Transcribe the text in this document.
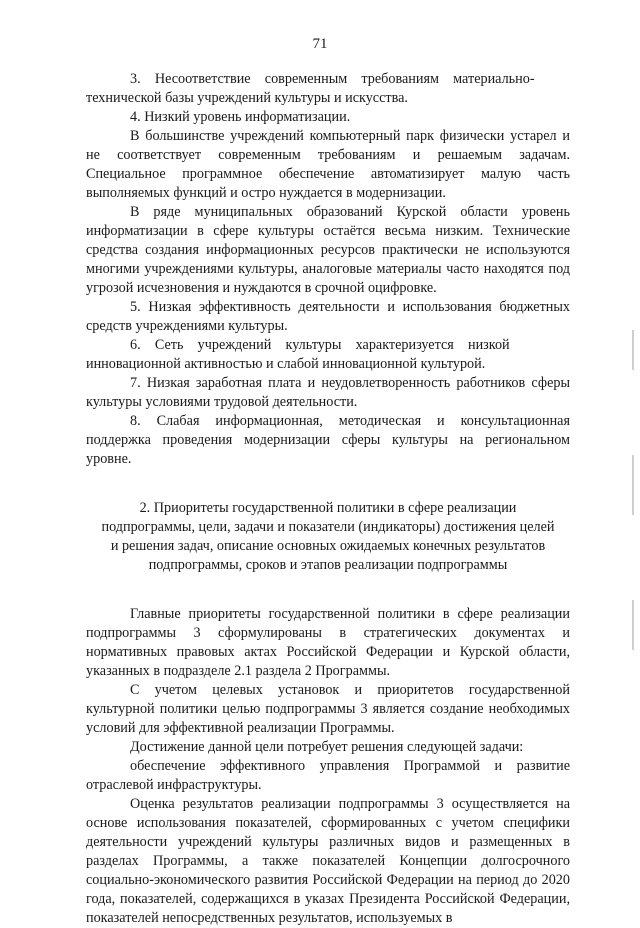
71

3. Несоответствие современным требованиям материально-технической базы учреждений культуры и искусства.

4. Низкий уровень информатизации.

В большинстве учреждений компьютерный парк физически устарел и не соответствует современным требованиям и решаемым задачам. Специальное программное обеспечение автоматизирует малую часть выполняемых функций и остро нуждается в модернизации.

В ряде муниципальных образований Курской области уровень информатизации в сфере культуры остаётся весьма низким. Технические средства создания информационных ресурсов практически не используются многими учреждениями культуры, аналоговые материалы часто находятся под угрозой исчезновения и нуждаются в срочной оцифровке.

5. Низкая эффективность деятельности и использования бюджетных средств учреждениями культуры.

6. Сеть учреждений культуры характеризуется низкой инновационной активностью и слабой инновационной культурой.

7. Низкая заработная плата и неудовлетворенность работников сферы культуры условиями трудовой деятельности.

8. Слабая информационная, методическая и консультационная поддержка проведения модернизации сферы культуры на региональном уровне.

2. Приоритеты государственной политики в сфере реализации
подпрограммы, цели, задачи и показатели (индикаторы) достижения целей
и решения задач, описание основных ожидаемых конечных результатов
подпрограммы, сроков и этапов реализации подпрограммы

Главные приоритеты государственной политики в сфере реализации подпрограммы 3 сформулированы в стратегических документах и нормативных правовых актах Российской Федерации и Курской области, указанных в подразделе 2.1 раздела 2 Программы.

С учетом целевых установок и приоритетов государственной культурной политики целью подпрограммы 3 является создание необходимых условий для эффективной реализации Программы.

Достижение данной цели потребует решения следующей задачи:

обеспечение эффективного управления Программой и развитие отраслевой инфраструктуры.

Оценка результатов реализации подпрограммы 3 осуществляется на основе использования показателей, сформированных с учетом специфики деятельности учреждений культуры различных видов и размещенных в разделах Программы, а также показателей Концепции долгосрочного социально-экономического развития Российской Федерации на период до 2020 года, показателей, содержащихся в указах Президента Российской Федерации, показателей непосредственных результатов, используемых в
